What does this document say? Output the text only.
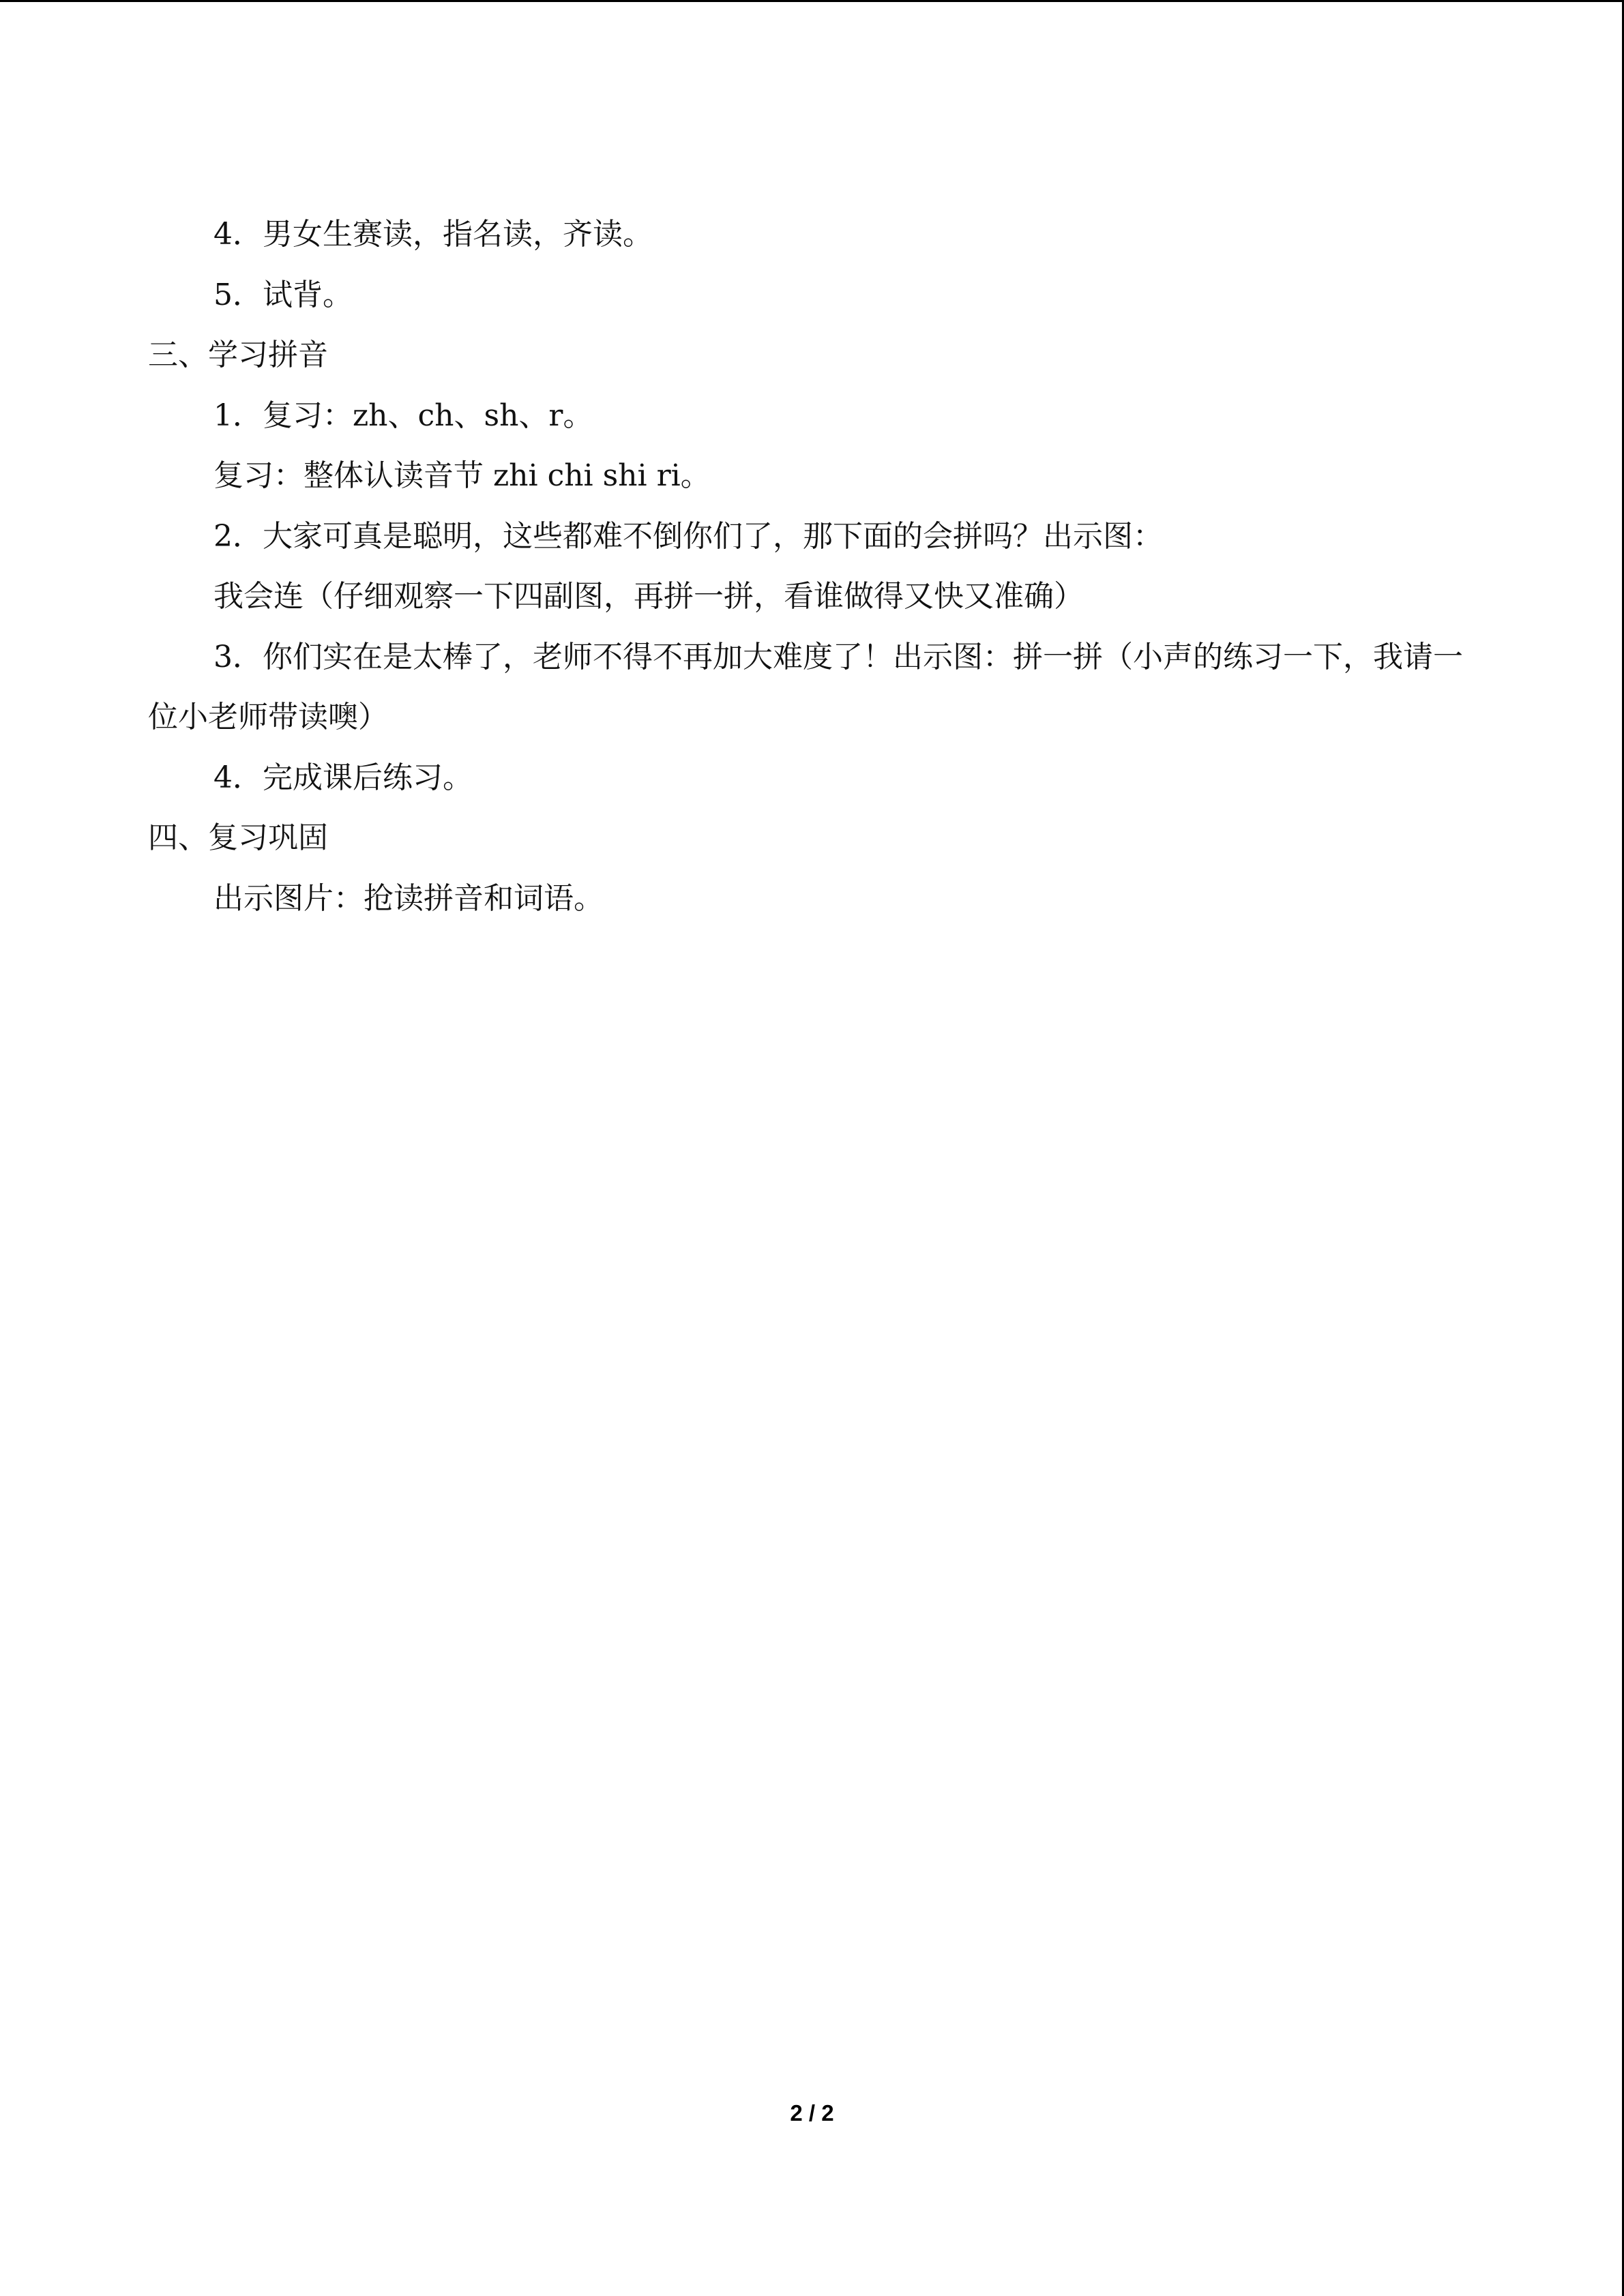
4．男女生赛读，指名读，齐读。
5．试背。
三、学习拼音
1．复习：zh、ch、sh、r。
复习：整体认读音节 zhi chi shi ri。
2．大家可真是聪明，这些都难不倒你们了，那下面的会拼吗？出示图：
我会连（仔细观察一下四副图，再拼一拼，看谁做得又快又准确）
3．你们实在是太棒了，老师不得不再加大难度了！出示图：拼一拼（小声的练习一下，我请一位小老师带读噢）
4．完成课后练习。
四、复习巩固
出示图片：抢读拼音和词语。
2 / 2
